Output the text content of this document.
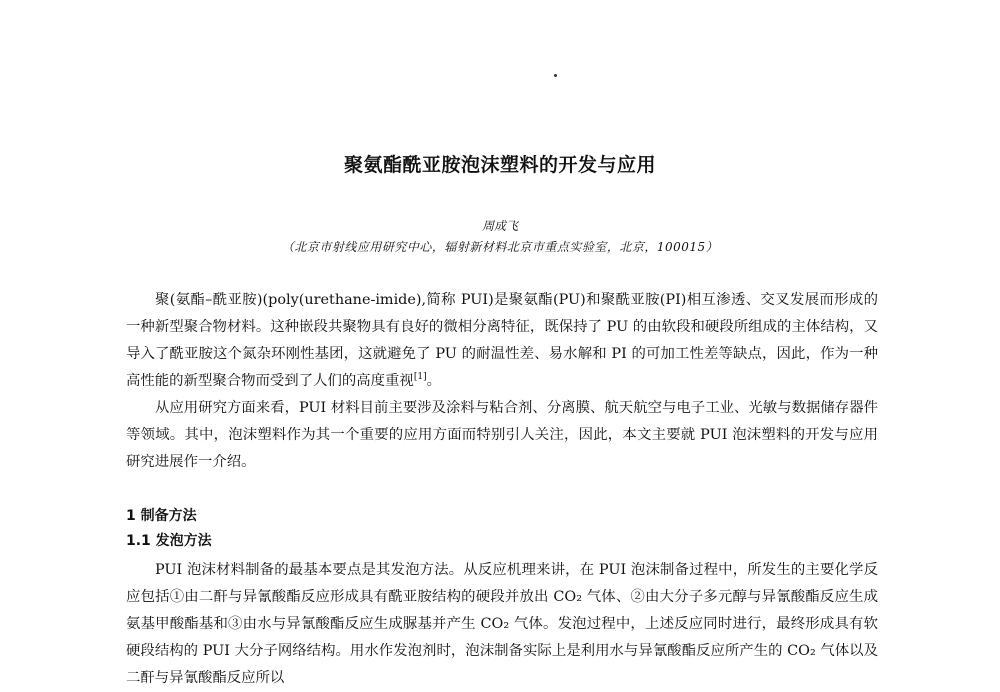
聚氨酯酰亚胺泡沫塑料的开发与应用
周成飞
（北京市射线应用研究中心，辐射新材料北京市重点实验室，北京，100015）
聚(氨酯–酰亚胺)(poly(urethane-imide),简称 PUI)是聚氨酯(PU)和聚酰亚胺(PI)相互渗透、交叉发展而形成的一种新型聚合物材料。这种嵌段共聚物具有良好的微相分离特征，既保持了 PU 的由软段和硬段所组成的主体结构，又导入了酰亚胺这个氮杂环刚性基团，这就避免了 PU 的耐温性差、易水解和 PI 的可加工性差等缺点，因此，作为一种高性能的新型聚合物而受到了人们的高度重视[1]。
从应用研究方面来看，PUI 材料目前主要涉及涂料与粘合剂、分离膜、航天航空与电子工业、光敏与数据储存器件等领域。其中，泡沫塑料作为其一个重要的应用方面而特别引人关注，因此，本文主要就 PUI 泡沫塑料的开发与应用研究进展作一介绍。
1 制备方法
1.1 发泡方法
PUI 泡沫材料制备的最基本要点是其发泡方法。从反应机理来讲，在 PUI 泡沫制备过程中，所发生的主要化学反应包括①由二酐与异氰酸酯反应形成具有酰亚胺结构的硬段并放出 CO₂ 气体、②由大分子多元醇与异氰酸酯反应生成氨基甲酸酯基和③由水与异氰酸酯反应生成脲基并产生 CO₂ 气体。发泡过程中，上述反应同时进行，最终形成具有软硬段结构的 PUI 大分子网络结构。用水作发泡剂时，泡沫制备实际上是利用水与异氰酸酯反应所产生的 CO₂ 气体以及二酐与异氰酸酯反应所以
